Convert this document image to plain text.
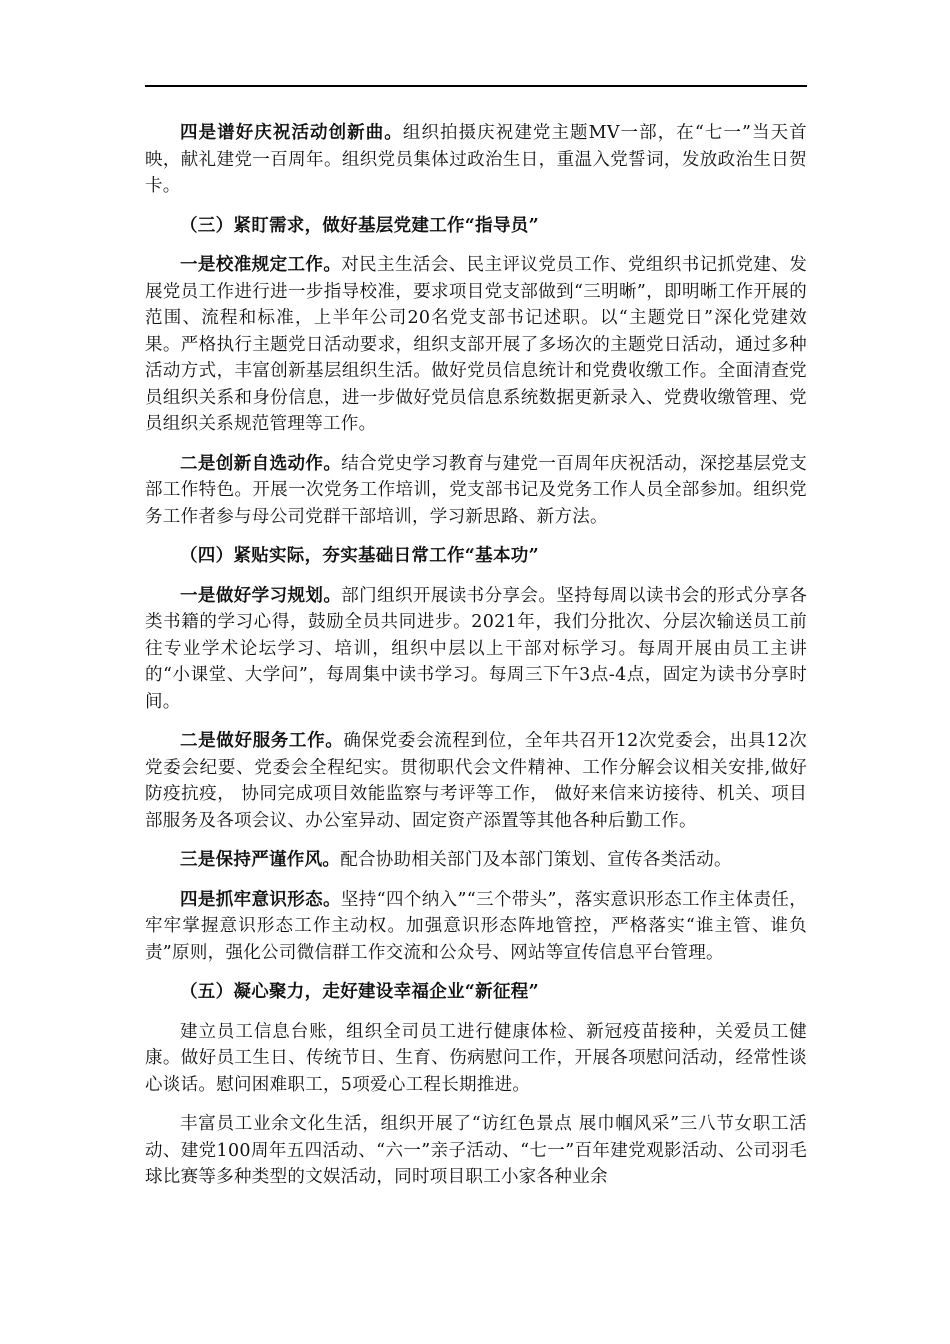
四是谱好庆祝活动创新曲。组织拍摄庆祝建党主题MV一部，在“七一”当天首映，献礼建党一百周年。组织党员集体过政治生日，重温入党誓词，发放政治生日贺卡。

（三）紧盯需求，做好基层党建工作“指导员”

一是校准规定工作。对民主生活会、民主评议党员工作、党组织书记抓党建、发展党员工作进行进一步指导校准，要求项目党支部做到“三明晰”，即明晰工作开展的范围、流程和标准，上半年公司20名党支部书记述职。以“主题党日”深化党建效果。严格执行主题党日活动要求，组织支部开展了多场次的主题党日活动，通过多种活动方式，丰富创新基层组织生活。做好党员信息统计和党费收缴工作。全面清查党员组织关系和身份信息，进一步做好党员信息系统数据更新录入、党费收缴管理、党员组织关系规范管理等工作。

二是创新自选动作。结合党史学习教育与建党一百周年庆祝活动，深挖基层党支部工作特色。开展一次党务工作培训，党支部书记及党务工作人员全部参加。组织党务工作者参与母公司党群干部培训，学习新思路、新方法。

（四）紧贴实际，夯实基础日常工作“基本功”

一是做好学习规划。部门组织开展读书分享会。坚持每周以读书会的形式分享各类书籍的学习心得，鼓励全员共同进步。2021年，我们分批次、分层次输送员工前往专业学术论坛学习、培训，组织中层以上干部对标学习。每周开展由员工主讲的“小课堂、大学问”，每周集中读书学习。每周三下午3点-4点，固定为读书分享时间。

二是做好服务工作。确保党委会流程到位，全年共召开12次党委会，出具12次党委会纪要、党委会全程纪实。贯彻职代会文件精神、工作分解会议相关安排,做好防疫抗疫， 协同完成项目效能监察与考评等工作， 做好来信来访接待、机关、项目部服务及各项会议、办公室异动、固定资产添置等其他各种后勤工作。

三是保持严谨作风。配合协助相关部门及本部门策划、宣传各类活动。

四是抓牢意识形态。坚持“四个纳入”“三个带头”，落实意识形态工作主体责任，牢牢掌握意识形态工作主动权。加强意识形态阵地管控，严格落实“谁主管、谁负责”原则，强化公司微信群工作交流和公众号、网站等宣传信息平台管理。

（五）凝心聚力，走好建设幸福企业“新征程”

建立员工信息台账，组织全司员工进行健康体检、新冠疫苗接种，关爱员工健康。做好员工生日、传统节日、生育、伤病慰问工作，开展各项慰问活动，经常性谈心谈话。慰问困难职工，5项爱心工程长期推进。

丰富员工业余文化生活，组织开展了“访红色景点 展巾帼风采”三八节女职工活动、建党100周年五四活动、“六一”亲子活动、“七一”百年建党观影活动、公司羽毛球比赛等多种类型的文娱活动，同时项目职工小家各种业余
